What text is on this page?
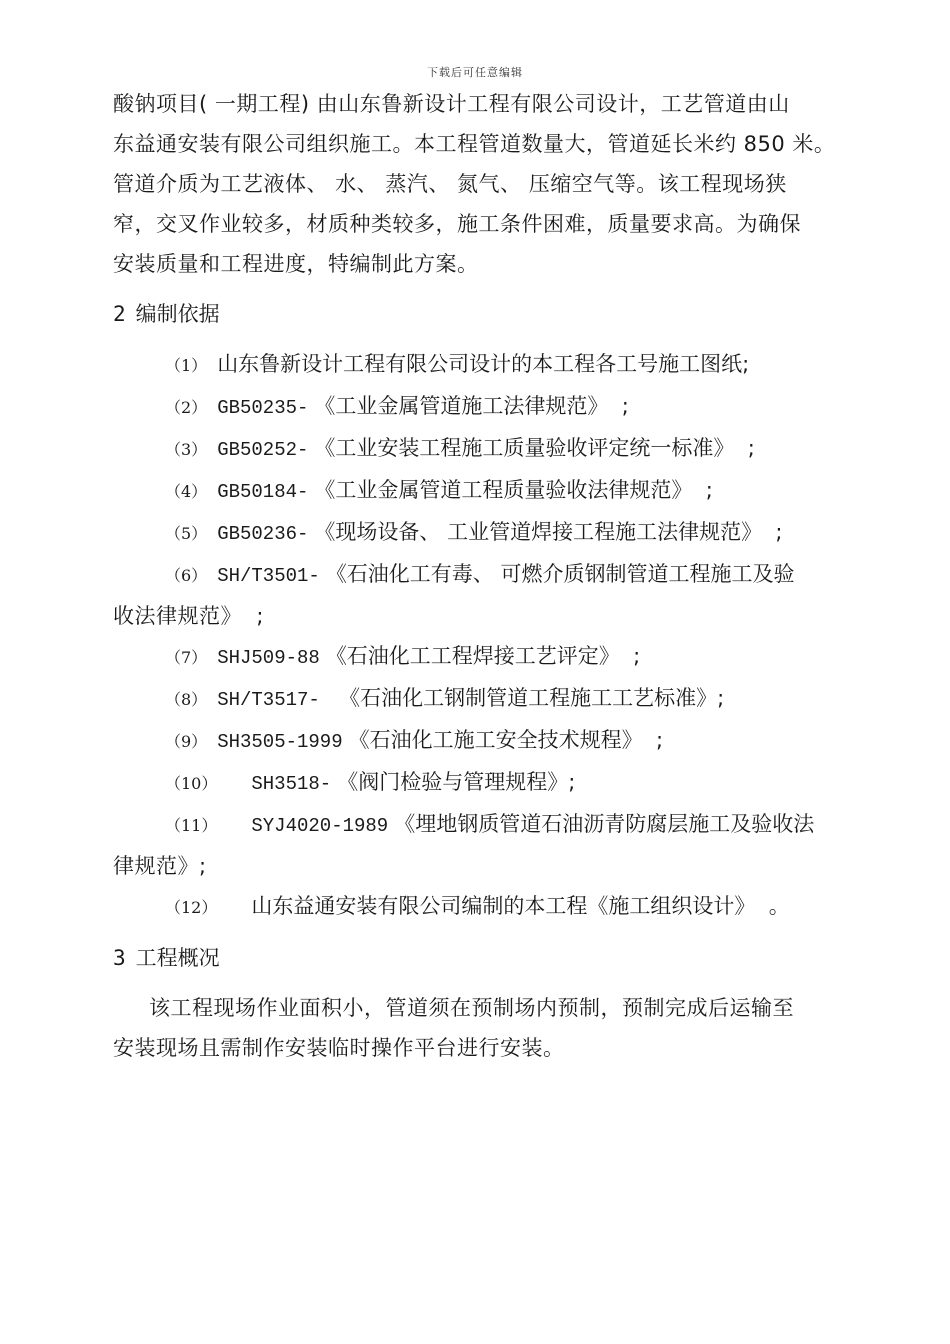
下载后可任意编辑

酸钠项目( 一期工程) 由山东鲁新设计工程有限公司设计，工艺管道由山

东益通安装有限公司组织施工。本工程管道数量大，管道延长米约 850 米。

管道介质为工艺液体、 水、 蒸汽、 氮气、 压缩空气等。该工程现场狭

窄，交叉作业较多，材质种类较多，施工条件困难，质量要求高。为确保

安装质量和工程进度，特编制此方案。

2 编制依据

（1） 山东鲁新设计工程有限公司设计的本工程各工号施工图纸;

（2） GB50235- 《工业金属管道施工法律规范》  ;

（3） GB50252- 《工业安装工程施工质量验收评定统一标准》  ;

（4） GB50184- 《工业金属管道工程质量验收法律规范》  ;

（5） GB50236- 《现场设备、 工业管道焊接工程施工法律规范》  ;

（6） SH/T3501- 《石油化工有毒、 可燃介质钢制管道工程施工及验

收法律规范》  ;

（7） SHJ509-88 《石油化工工程焊接工艺评定》  ;

（8） SH/T3517-  《石油化工钢制管道工程施工工艺标准》;

（9） SH3505-1999 《石油化工施工安全技术规程》  ;

（10） SH3518- 《阀门检验与管理规程》;

（11） SYJ4020-1989 《埋地钢质管道石油沥青防腐层施工及验收法

律规范》;

（12） 山东益通安装有限公司编制的本工程《施工组织设计》  。

3 工程概况

该工程现场作业面积小，管道须在预制场内预制，预制完成后运输至

安装现场且需制作安装临时操作平台进行安装。
